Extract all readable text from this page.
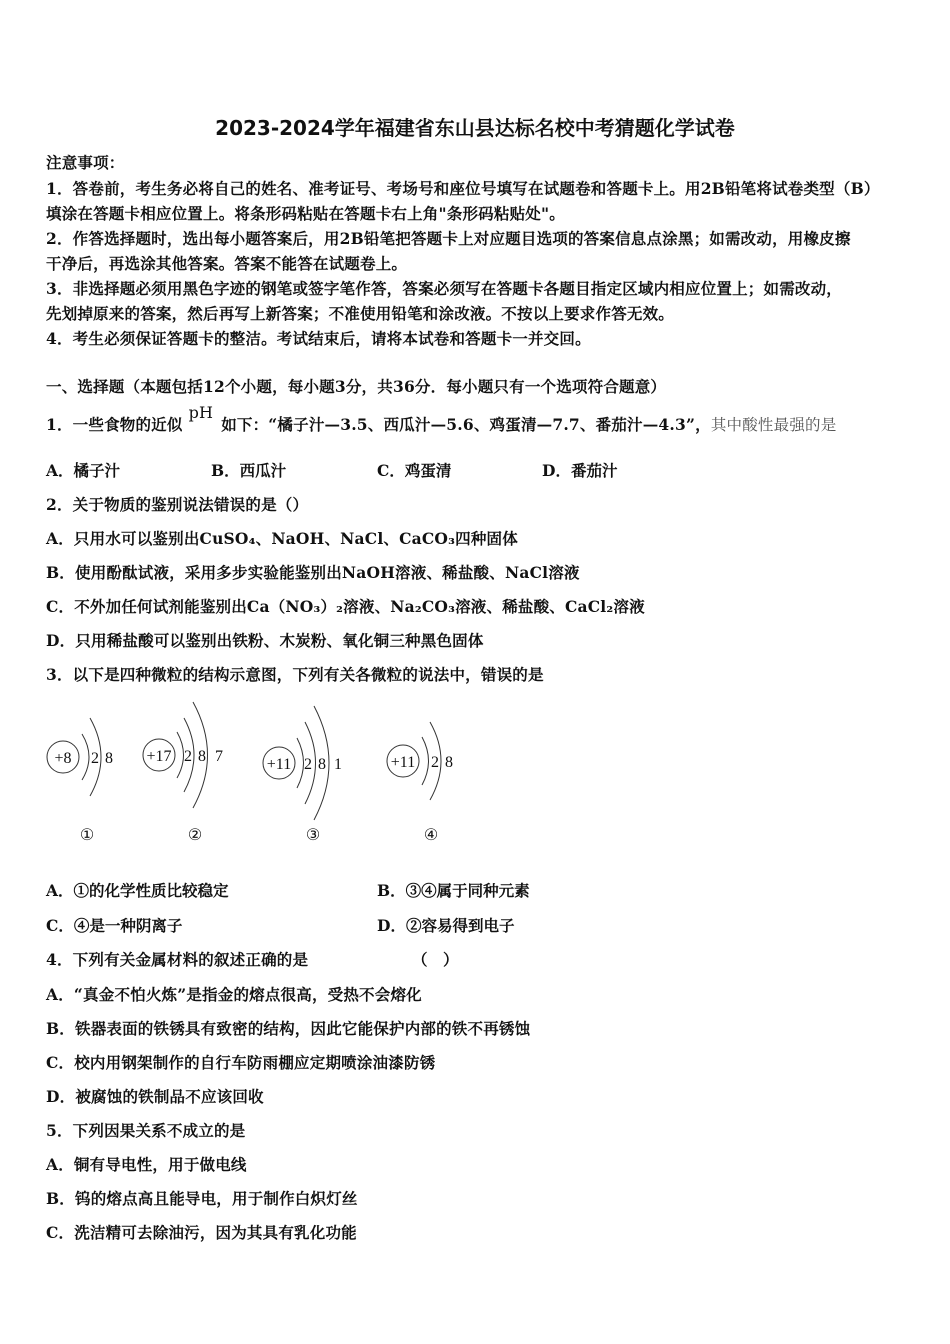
2023-2024学年福建省东山县达标名校中考猜题化学试卷
注意事项：
1．答卷前，考生务必将自己的姓名、准考证号、考场号和座位号填写在试题卷和答题卡上。用2B铅笔将试卷类型（B）
填涂在答题卡相应位置上。将条形码粘贴在答题卡右上角"条形码粘贴处"。
2．作答选择题时，选出每小题答案后，用2B铅笔把答题卡上对应题目选项的答案信息点涂黑；如需改动，用橡皮擦
干净后，再选涂其他答案。答案不能答在试题卷上。
3．非选择题必须用黑色字迹的钢笔或签字笔作答，答案必须写在答题卡各题目指定区域内相应位置上；如需改动，
先划掉原来的答案，然后再写上新答案；不准使用铅笔和涂改液。不按以上要求作答无效。
4．考生必须保证答题卡的整洁。考试结束后，请将本试卷和答题卡一并交回。
一、选择题（本题包括12个小题，每小题3分，共36分．每小题只有一个选项符合题意）
1．一些食物的近似pH如下：“橘子汁—3.5、西瓜汁—5.6、鸡蛋清—7.7、番茄汁—4.3”，其中酸性最强的是
A．橘子汁	B．西瓜汁	C．鸡蛋清	D．番茄汁
2．关于物质的鉴别说法错误的是（）
A．只用水可以鉴别出CuSO₄、NaOH、NaCl、CaCO₃四种固体
B．使用酚酞试液，采用多步实验能鉴别出NaOH溶液、稀盐酸、NaCl溶液
C．不外加任何试剂能鉴别出Ca（NO₃）₂溶液、Na₂CO₃溶液、稀盐酸、CaCl₂溶液
D．只用稀盐酸可以鉴别出铁粉、木炭粉、氧化铜三种黑色固体
3．以下是四种微粒的结构示意图，下列有关各微粒的说法中，错误的是
+8 2 8
①
+17 2 8 7
②
+11 2 8 1
③
+11 2 8
④
A．①的化学性质比较稳定	B．③④属于同种元素
C．④是一种阴离子	D．②容易得到电子
4．下列有关金属材料的叙述正确的是	（　）
A．“真金不怕火炼”是指金的熔点很高，受热不会熔化
B．铁器表面的铁锈具有致密的结构，因此它能保护内部的铁不再锈蚀
C．校内用钢架制作的自行车防雨棚应定期喷涂油漆防锈
D．被腐蚀的铁制品不应该回收
5．下列因果关系不成立的是
A．铜有导电性，用于做电线
B．钨的熔点高且能导电，用于制作白炽灯丝
C．洗洁精可去除油污，因为其具有乳化功能
